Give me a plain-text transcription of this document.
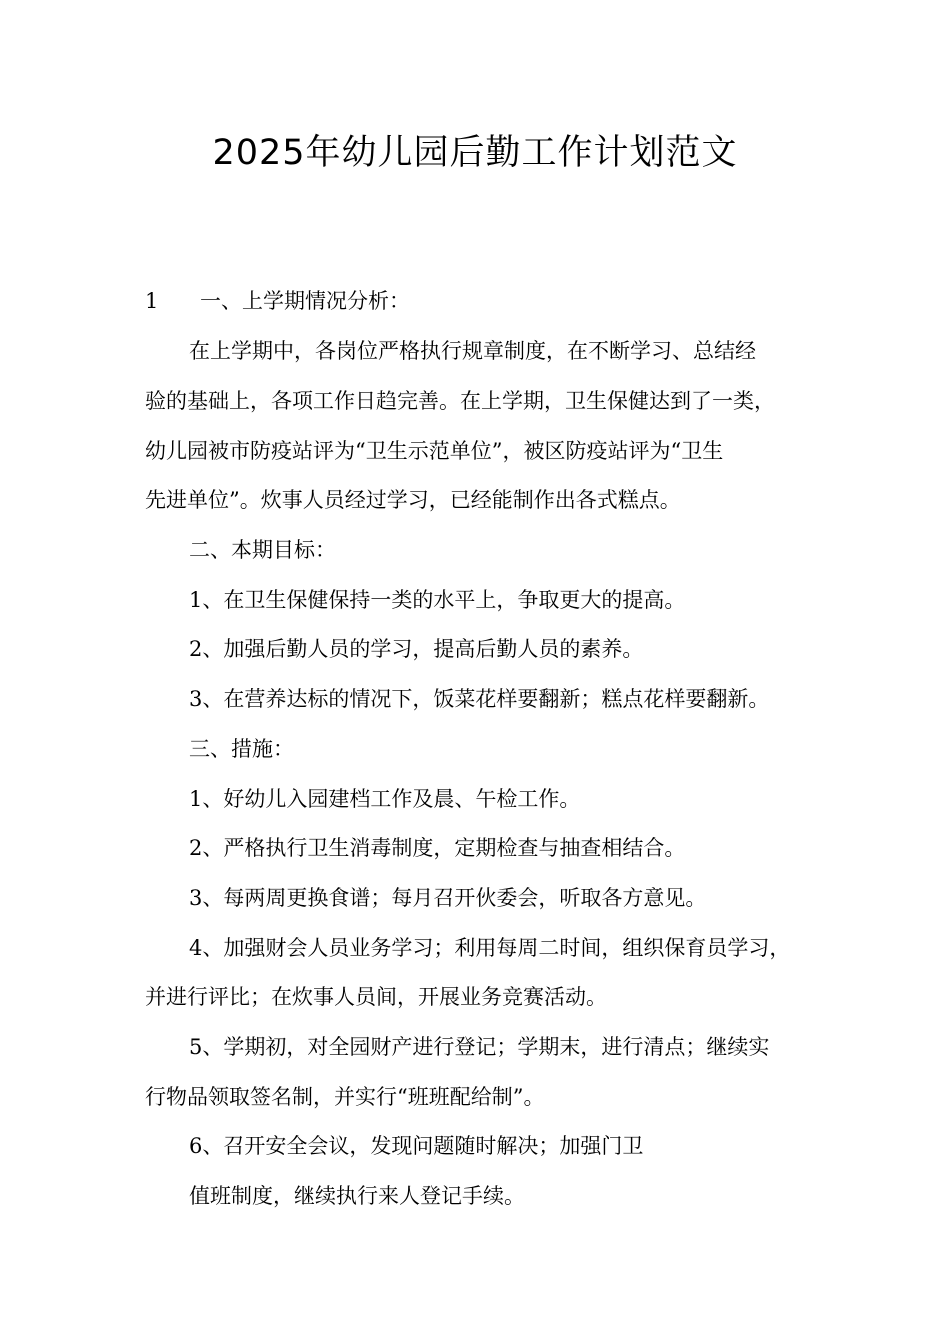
2025年幼儿园后勤工作计划范文
1 一、上学期情况分析：
在上学期中，各岗位严格执行规章制度，在不断学习、总结经
验的基础上，各项工作日趋完善。在上学期，卫生保健达到了一类，
幼儿园被市防疫站评为“卫生示范单位”，被区防疫站评为“卫生
先进单位”。炊事人员经过学习，已经能制作出各式糕点。
二、本期目标：
1、在卫生保健保持一类的水平上，争取更大的提高。
2、加强后勤人员的学习，提高后勤人员的素养。
3、在营养达标的情况下，饭菜花样要翻新；糕点花样要翻新。
三、措施：
1、好幼儿入园建档工作及晨、午检工作。
2、严格执行卫生消毒制度，定期检查与抽查相结合。
3、每两周更换食谱；每月召开伙委会，听取各方意见。
4、加强财会人员业务学习；利用每周二时间，组织保育员学习，
并进行评比；在炊事人员间，开展业务竞赛活动。
5、学期初，对全园财产进行登记；学期末，进行清点；继续实
行物品领取签名制，并实行“班班配给制”。
6、召开安全会议，发现问题随时解决；加强门卫
值班制度，继续执行来人登记手续。
